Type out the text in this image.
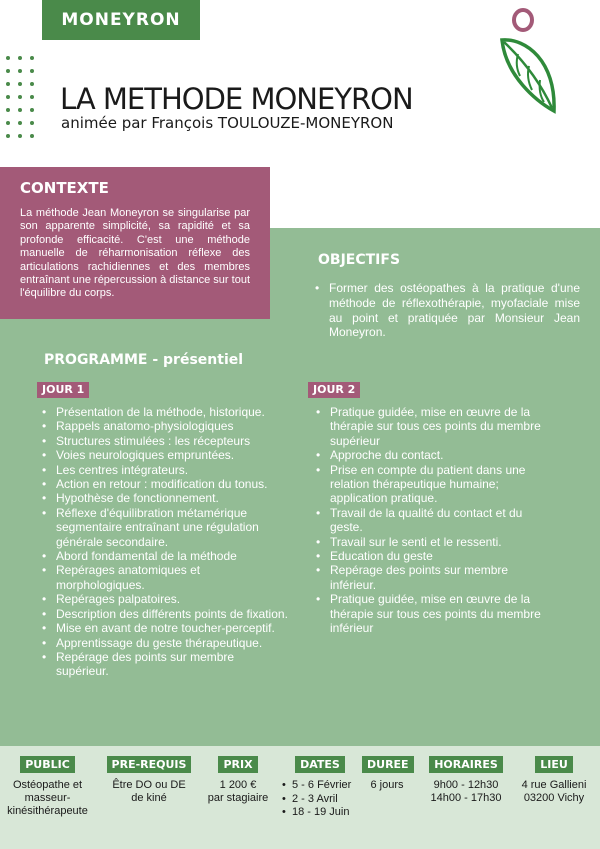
MONEYRON
LA METHODE MONEYRON
animée par François TOULOUZE-MONEYRON
CONTEXTE
La méthode Jean Moneyron se singularise par son apparente simplicité, sa rapidité et sa profonde efficacité. C'est une méthode manuelle de réharmonisation réflexe des articulations rachidiennes et des membres entraînant une répercussion à distance sur tout l'équilibre du corps.
OBJECTIFS
• Former des ostéopathes à la pratique d'une méthode de réflexothérapie, myofaciale mise au point et pratiquée par Monsieur Jean Moneyron.
PROGRAMME - présentiel
JOUR 1
• Présentation de la méthode, historique.
• Rappels anatomo-physiologiques
• Structures stimulées : les récepteurs
• Voies neurologiques empruntées.
• Les centres intégrateurs.
• Action en retour : modification du tonus.
• Hypothèse de fonctionnement.
• Réflexe d'équilibration métamérique segmentaire entraînant une régulation générale secondaire.
• Abord fondamental de la méthode
• Repérages anatomiques et morphologiques.
• Repérages palpatoires.
• Description des différents points de fixation.
• Mise en avant de notre toucher-perceptif.
• Apprentissage du geste thérapeutique.
• Repérage des points sur membre supérieur.
JOUR 2
• Pratique guidée, mise en œuvre de la thérapie sur tous ces points du membre supérieur
• Approche du contact.
• Prise en compte du patient dans une relation thérapeutique humaine; application pratique.
• Travail de la qualité du contact et du geste.
• Travail sur le senti et le ressenti.
• Education du geste
• Repérage des points sur membre inférieur.
• Pratique guidée, mise en œuvre de la thérapie sur tous ces points du membre inférieur
PUBLIC
Ostéopathe et
masseur-
kinésithérapeute
PRE-REQUIS
Être DO ou DE
de kiné
PRIX
1 200 €
par stagiaire
DATES
• 5 - 6 Février
• 2 - 3 Avril
• 18 - 19 Juin
DUREE
6 jours
HORAIRES
9h00 - 12h30
14h00 - 17h30
LIEU
4 rue Gallieni
03200 Vichy
